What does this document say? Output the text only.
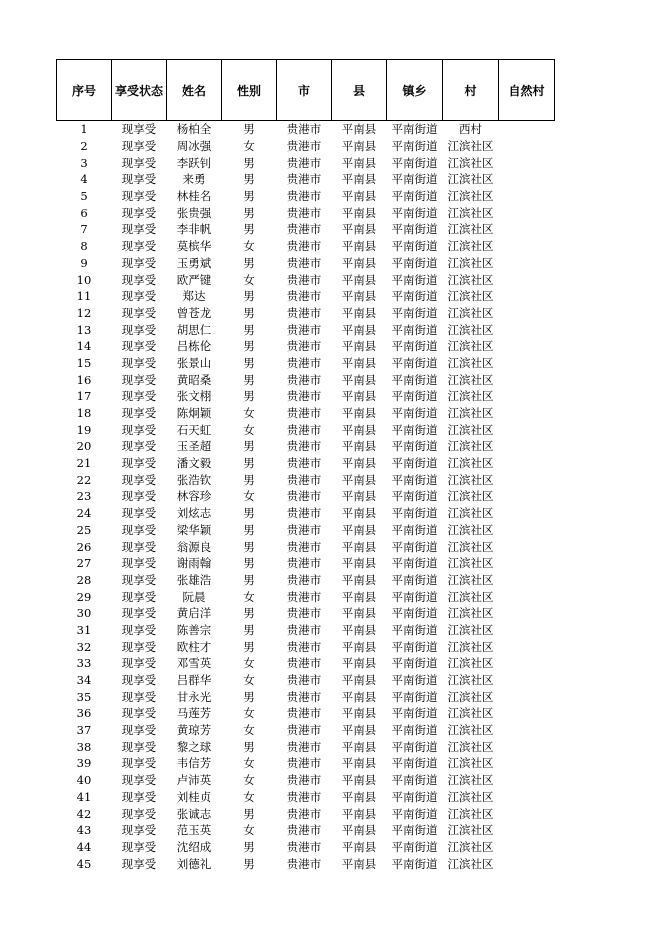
序号	享受状态	姓名	性别	市	县	镇乡	村	自然村
1	现享受	杨柏全	男	贵港市	平南县	平南街道	西村	
2	现享受	周冰强	女	贵港市	平南县	平南街道	江滨社区	
3	现享受	李跃钊	男	贵港市	平南县	平南街道	江滨社区	
4	现享受	来勇	男	贵港市	平南县	平南街道	江滨社区	
5	现享受	林桂名	男	贵港市	平南县	平南街道	江滨社区	
6	现享受	张贵强	男	贵港市	平南县	平南街道	江滨社区	
7	现享受	李非帆	男	贵港市	平南县	平南街道	江滨社区	
8	现享受	莫槟华	女	贵港市	平南县	平南街道	江滨社区	
9	现享受	玉勇斌	男	贵港市	平南县	平南街道	江滨社区	
10	现享受	欧严键	女	贵港市	平南县	平南街道	江滨社区	
11	现享受	郑达	男	贵港市	平南县	平南街道	江滨社区	
12	现享受	曾苍龙	男	贵港市	平南县	平南街道	江滨社区	
13	现享受	胡思仁	男	贵港市	平南县	平南街道	江滨社区	
14	现享受	吕栋伦	男	贵港市	平南县	平南街道	江滨社区	
15	现享受	张景山	男	贵港市	平南县	平南街道	江滨社区	
16	现享受	黄昭桑	男	贵港市	平南县	平南街道	江滨社区	
17	现享受	张文栩	男	贵港市	平南县	平南街道	江滨社区	
18	现享受	陈炯颖	女	贵港市	平南县	平南街道	江滨社区	
19	现享受	石天虹	女	贵港市	平南县	平南街道	江滨社区	
20	现享受	玉圣超	男	贵港市	平南县	平南街道	江滨社区	
21	现享受	潘文毅	男	贵港市	平南县	平南街道	江滨社区	
22	现享受	张浩钦	男	贵港市	平南县	平南街道	江滨社区	
23	现享受	林容珍	女	贵港市	平南县	平南街道	江滨社区	
24	现享受	刘炫志	男	贵港市	平南县	平南街道	江滨社区	
25	现享受	梁华颖	男	贵港市	平南县	平南街道	江滨社区	
26	现享受	翁源良	男	贵港市	平南县	平南街道	江滨社区	
27	现享受	谢雨翰	男	贵港市	平南县	平南街道	江滨社区	
28	现享受	张雄浩	男	贵港市	平南县	平南街道	江滨社区	
29	现享受	阮晨	女	贵港市	平南县	平南街道	江滨社区	
30	现享受	黄启洋	男	贵港市	平南县	平南街道	江滨社区	
31	现享受	陈善宗	男	贵港市	平南县	平南街道	江滨社区	
32	现享受	欧柱才	男	贵港市	平南县	平南街道	江滨社区	
33	现享受	邓雪英	女	贵港市	平南县	平南街道	江滨社区	
34	现享受	吕群华	女	贵港市	平南县	平南街道	江滨社区	
35	现享受	甘永光	男	贵港市	平南县	平南街道	江滨社区	
36	现享受	马莲芳	女	贵港市	平南县	平南街道	江滨社区	
37	现享受	黄琼芳	女	贵港市	平南县	平南街道	江滨社区	
38	现享受	黎之球	男	贵港市	平南县	平南街道	江滨社区	
39	现享受	韦信芳	女	贵港市	平南县	平南街道	江滨社区	
40	现享受	卢沛英	女	贵港市	平南县	平南街道	江滨社区	
41	现享受	刘桂贞	女	贵港市	平南县	平南街道	江滨社区	
42	现享受	张诚志	男	贵港市	平南县	平南街道	江滨社区	
43	现享受	范玉英	女	贵港市	平南县	平南街道	江滨社区	
44	现享受	沈绍成	男	贵港市	平南县	平南街道	江滨社区	
45	现享受	刘德礼	男	贵港市	平南县	平南街道	江滨社区	
